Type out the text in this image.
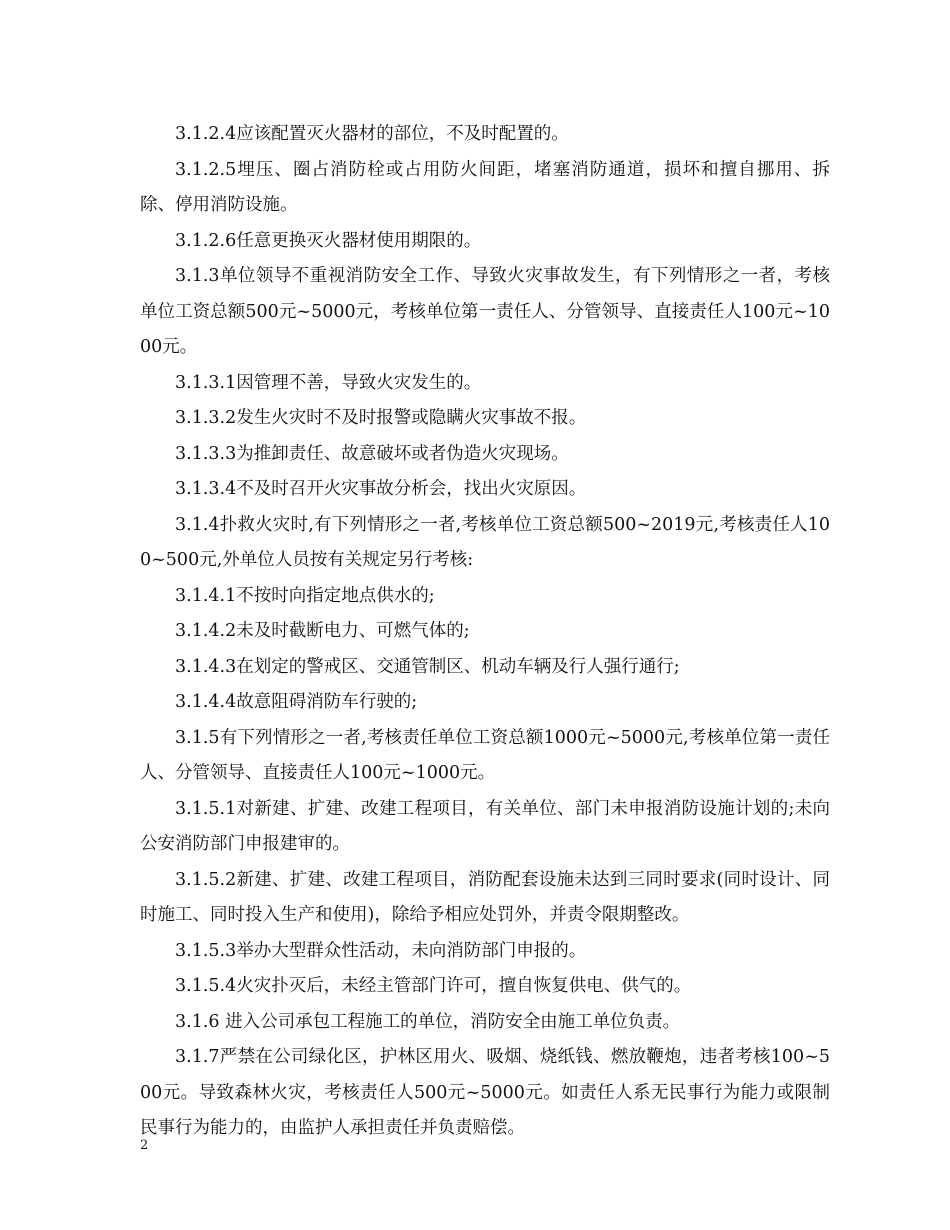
3.1.2.4应该配置灭火器材的部位，不及时配置的。

3.1.2.5埋压、圈占消防栓或占用防火间距，堵塞消防通道，损坏和擅自挪用、拆除、停用消防设施。

3.1.2.6任意更换灭火器材使用期限的。

3.1.3单位领导不重视消防安全工作、导致火灾事故发生，有下列情形之一者，考核单位工资总额500元~5000元，考核单位第一责任人、分管领导、直接责任人100元~1000元。

3.1.3.1因管理不善，导致火灾发生的。

3.1.3.2发生火灾时不及时报警或隐瞒火灾事故不报。

3.1.3.3为推卸责任、故意破坏或者伪造火灾现场。

3.1.3.4不及时召开火灾事故分析会，找出火灾原因。

3.1.4扑救火灾时,有下列情形之一者,考核单位工资总额500~2019元,考核责任人100~500元,外单位人员按有关规定另行考核:

3.1.4.1不按时向指定地点供水的;

3.1.4.2未及时截断电力、可燃气体的;

3.1.4.3在划定的警戒区、交通管制区、机动车辆及行人强行通行;

3.1.4.4故意阻碍消防车行驶的;

3.1.5有下列情形之一者,考核责任单位工资总额1000元~5000元,考核单位第一责任人、分管领导、直接责任人100元~1000元。

3.1.5.1对新建、扩建、改建工程项目，有关单位、部门未申报消防设施计划的;未向公安消防部门申报建审的。

3.1.5.2新建、扩建、改建工程项目，消防配套设施未达到三同时要求(同时设计、同时施工、同时投入生产和使用)，除给予相应处罚外，并责令限期整改。

3.1.5.3举办大型群众性活动，未向消防部门申报的。

3.1.5.4火灾扑灭后，未经主管部门许可，擅自恢复供电、供气的。

3.1.6 进入公司承包工程施工的单位，消防安全由施工单位负责。

3.1.7严禁在公司绿化区，护林区用火、吸烟、烧纸钱、燃放鞭炮，违者考核100~500元。导致森林火灾，考核责任人500元~5000元。如责任人系无民事行为能力或限制民事行为能力的，由监护人承担责任并负责赔偿。

2
